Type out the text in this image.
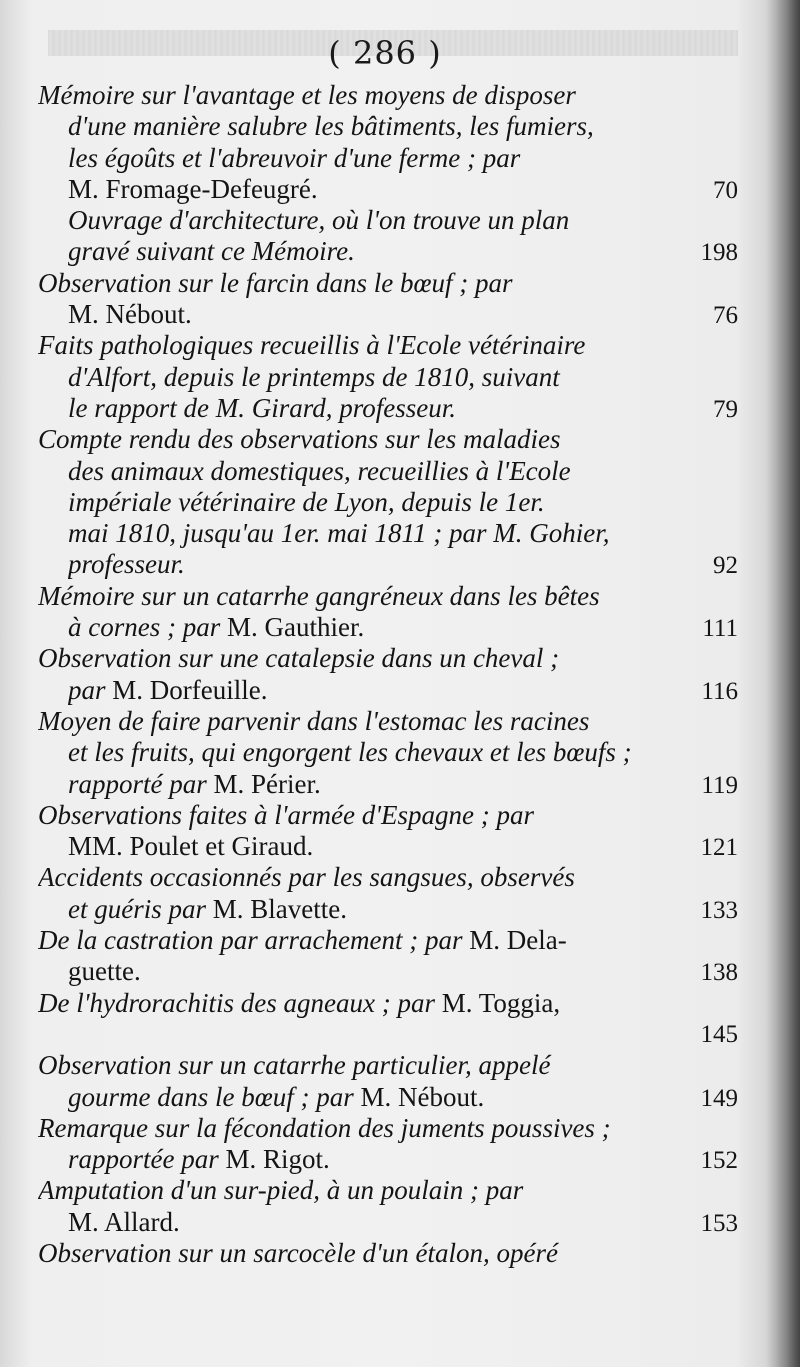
( 286 )
Mémoire sur l'avantage et les moyens de disposer
d'une manière salubre les bâtiments, les fumiers,
les égoûts et l'abreuvoir d'une ferme ; par
M. Fromage-Defeugré.	70
Ouvrage d'architecture, où l'on trouve un plan
gravé suivant ce Mémoire.	198
Observation sur le farcin dans le bœuf ; par
M. Nébout.	76
Faits pathologiques recueillis à l'Ecole vétérinaire
d'Alfort, depuis le printemps de 1810, suivant
le rapport de M. Girard, professeur.	79
Compte rendu des observations sur les maladies
des animaux domestiques, recueillies à l'Ecole
impériale vétérinaire de Lyon, depuis le 1er.
mai 1810, jusqu'au 1er. mai 1811 ; par M. Gohier,
professeur.	92
Mémoire sur un catarrhe gangréneux dans les bêtes
à cornes ; par M. Gauthier.	111
Observation sur une catalepsie dans un cheval ;
par M. Dorfeuille.	116
Moyen de faire parvenir dans l'estomac les racines
et les fruits, qui engorgent les chevaux et les bœufs ;
rapporté par M. Périer.	119
Observations faites à l'armée d'Espagne ; par
MM. Poulet et Giraud.	121
Accidents occasionnés par les sangsues, observés
et guéris par M. Blavette.	133
De la castration par arrachement ; par M. Dela-
guette.	138
De l'hydrorachitis des agneaux ; par M. Toggia,
145
Observation sur un catarrhe particulier, appelé
gourme dans le bœuf ; par M. Nébout.	149
Remarque sur la fécondation des juments poussives ;
rapportée par M. Rigot.	152
Amputation d'un sur-pied, à un poulain ; par
M. Allard.	153
Observation sur un sarcocèle d'un étalon, opéré
